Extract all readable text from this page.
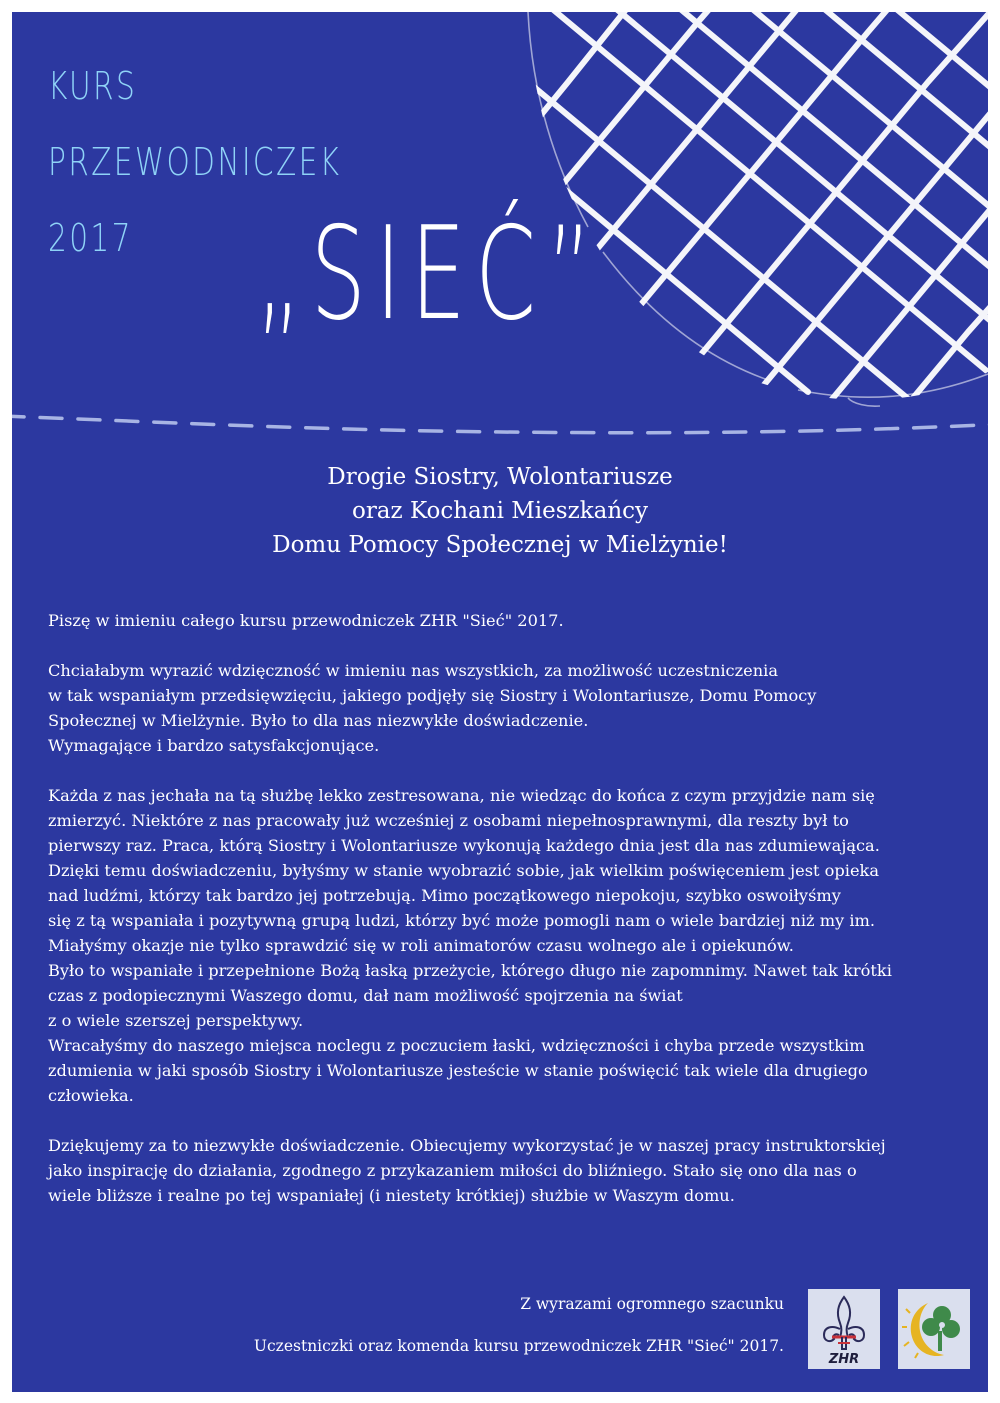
KURS
PRZEWODNICZEK
2017 „SIEĆ”
Drogie Siostry, Wolontariusze
oraz Kochani Mieszkańcy
Domu Pomocy Społecznej w Mielżynie!

Piszę w imieniu całego kursu przewodniczek ZHR "Sieć" 2017.

Chciałabym wyrazić wdzięczność w imieniu nas wszystkich, za możliwość uczestniczenia
w tak wspaniałym przedsięwzięciu, jakiego podjęły się Siostry i Wolontariusze, Domu Pomocy
Społecznej w Mielżynie. Było to dla nas niezwykłe doświadczenie.
Wymagające i bardzo satysfakcjonujące.

Każda z nas jechała na tą służbę lekko zestresowana, nie wiedząc do końca z czym przyjdzie nam się
zmierzyć. Niektóre z nas pracowały już wcześniej z osobami niepełnosprawnymi, dla reszty był to
pierwszy raz. Praca, którą Siostry i Wolontariusze wykonują każdego dnia jest dla nas zdumiewająca.
Dzięki temu doświadczeniu, byłyśmy w stanie wyobrazić sobie, jak wielkim poświęceniem jest opieka
nad ludźmi, którzy tak bardzo jej potrzebują. Mimo początkowego niepokoju, szybko oswoiłyśmy
się z tą wspaniała i pozytywną grupą ludzi, którzy być może pomogli nam o wiele bardziej niż my im.
Miałyśmy okazje nie tylko sprawdzić się w roli animatorów czasu wolnego ale i opiekunów.
Było to wspaniałe i przepełnione Bożą łaską przeżycie, którego długo nie zapomnimy. Nawet tak krótki
czas z podopiecznymi Waszego domu, dał nam możliwość spojrzenia na świat
z o wiele szerszej perspektywy.
Wracałyśmy do naszego miejsca noclegu z poczuciem łaski, wdzięczności i chyba przede wszystkim
zdumienia w jaki sposób Siostry i Wolontariusze jesteście w stanie poświęcić tak wiele dla drugiego
człowieka.

Dziękujemy za to niezwykłe doświadczenie. Obiecujemy wykorzystać je w naszej pracy instruktorskiej
jako inspirację do działania, zgodnego z przykazaniem miłości do bliźniego. Stało się ono dla nas o
wiele bliższe i realne po tej wspaniałej (i niestety krótkiej) służbie w Waszym domu.

Z wyrazami ogromnego szacunku
Uczestniczki oraz komenda kursu przewodniczek ZHR "Sieć" 2017.
ZHR
